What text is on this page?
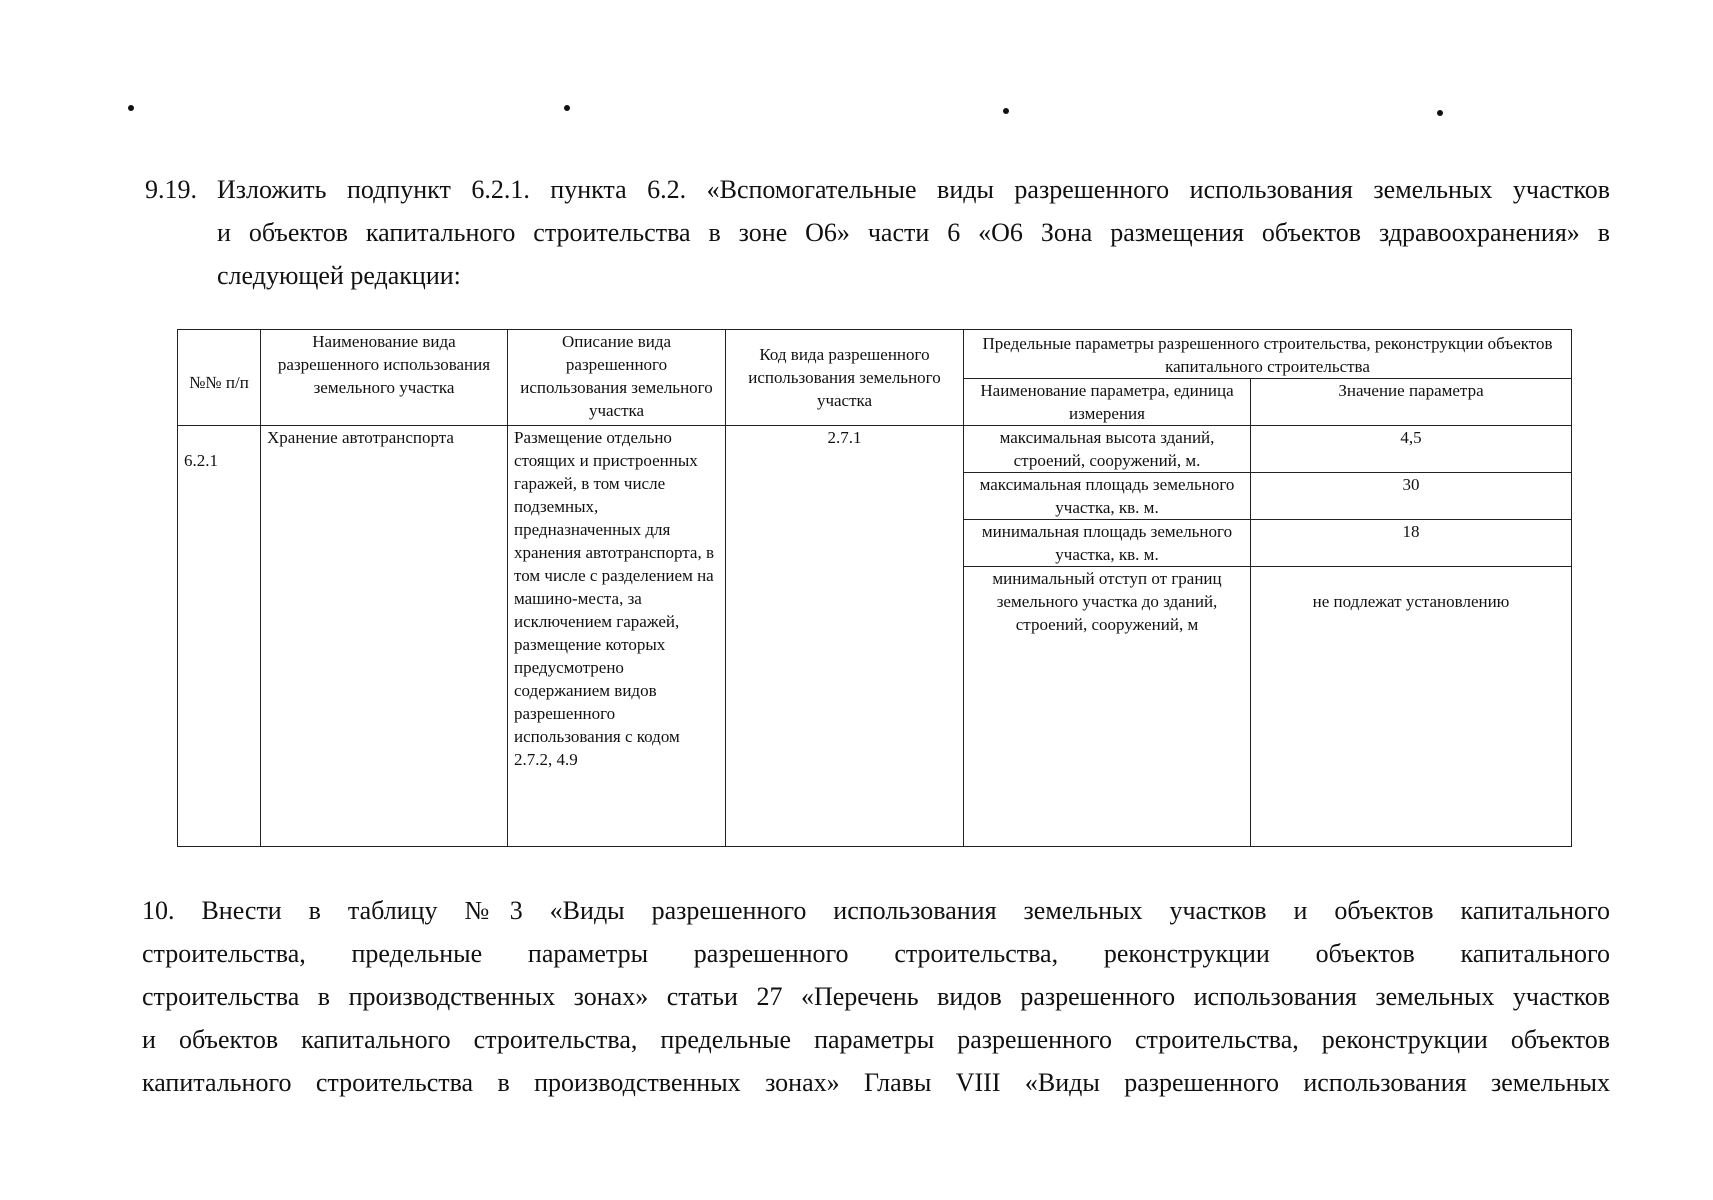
9.19. Изложить подпункт 6.2.1. пункта 6.2. «Вспомогательные виды разрешенного использования земельных участков
и объектов капитального строительства в зоне О6» части 6 «О6 Зона размещения объектов здравоохранения» в
следующей редакции:
№№ п/п	Наименование вида разрешенного использования земельного участка	Описание вида разрешенного использования земельного участка	Код вида разрешенного использования земельного участка	Предельные параметры разрешенного строительства, реконструкции объектов капитального строительства	
				Наименование параметра, единица измерения	Значение параметра
6.2.1	Хранение автотранспорта	Размещение отдельно стоящих и пристроенных гаражей, в том числе подземных, предназначенных для хранения автотранспорта, в том числе с разделением на машино-места, за исключением гаражей, размещение которых предусмотрено содержанием видов разрешенного использования с кодом 2.7.2, 4.9	2.7.1	максимальная высота зданий, строений, сооружений, м.	4,5
				максимальная площадь земельного участка, кв. м.	30
				минимальная площадь земельного участка, кв. м.	18
				минимальный отступ от границ земельного участка до зданий, строений, сооружений, м	не подлежат установлению
10. Внести в таблицу №3 «Виды разрешенного использования земельных участков и объектов капитального
строительства, предельные параметры разрешенного строительства, реконструкции объектов капитального
строительства в производственных зонах» статьи 27 «Перечень видов разрешенного использования земельных участков
и объектов капитального строительства, предельные параметры разрешенного строительства, реконструкции объектов
капитального строительства в производственных зонах» Главы VIII «Виды разрешенного использования земельных
